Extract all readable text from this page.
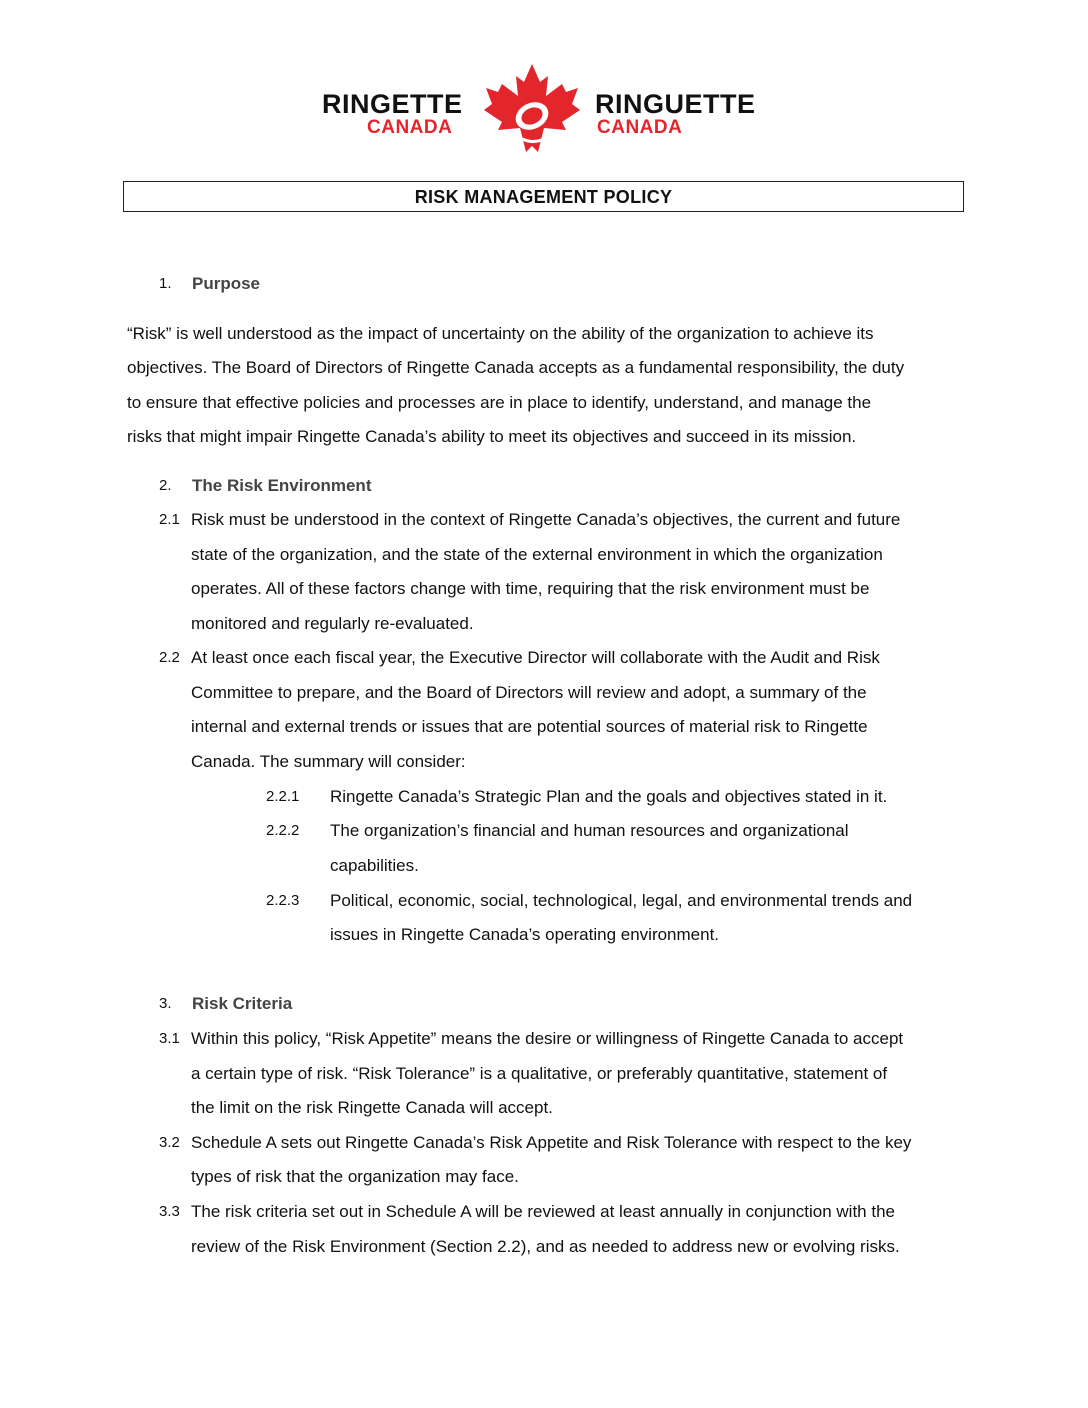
RINGETTE
CANADA
RINGUETTE
CANADA
RISK MANAGEMENT POLICY
1. Purpose
“Risk” is well understood as the impact of uncertainty on the ability of the organization to achieve its
objectives. The Board of Directors of Ringette Canada accepts as a fundamental responsibility, the duty
to ensure that effective policies and processes are in place to identify, understand, and manage the
risks that might impair Ringette Canada’s ability to meet its objectives and succeed in its mission.
2. The Risk Environment
2.1 Risk must be understood in the context of Ringette Canada’s objectives, the current and future
state of the organization, and the state of the external environment in which the organization
operates. All of these factors change with time, requiring that the risk environment must be
monitored and regularly re-evaluated.
2.2 At least once each fiscal year, the Executive Director will collaborate with the Audit and Risk
Committee to prepare, and the Board of Directors will review and adopt, a summary of the
internal and external trends or issues that are potential sources of material risk to Ringette
Canada. The summary will consider:
2.2.1 Ringette Canada’s Strategic Plan and the goals and objectives stated in it.
2.2.2 The organization’s financial and human resources and organizational
capabilities.
2.2.3 Political, economic, social, technological, legal, and environmental trends and
issues in Ringette Canada’s operating environment.
3. Risk Criteria
3.1 Within this policy, “Risk Appetite” means the desire or willingness of Ringette Canada to accept
a certain type of risk. “Risk Tolerance” is a qualitative, or preferably quantitative, statement of
the limit on the risk Ringette Canada will accept.
3.2 Schedule A sets out Ringette Canada’s Risk Appetite and Risk Tolerance with respect to the key
types of risk that the organization may face.
3.3 The risk criteria set out in Schedule A will be reviewed at least annually in conjunction with the
review of the Risk Environment (Section 2.2), and as needed to address new or evolving risks.
